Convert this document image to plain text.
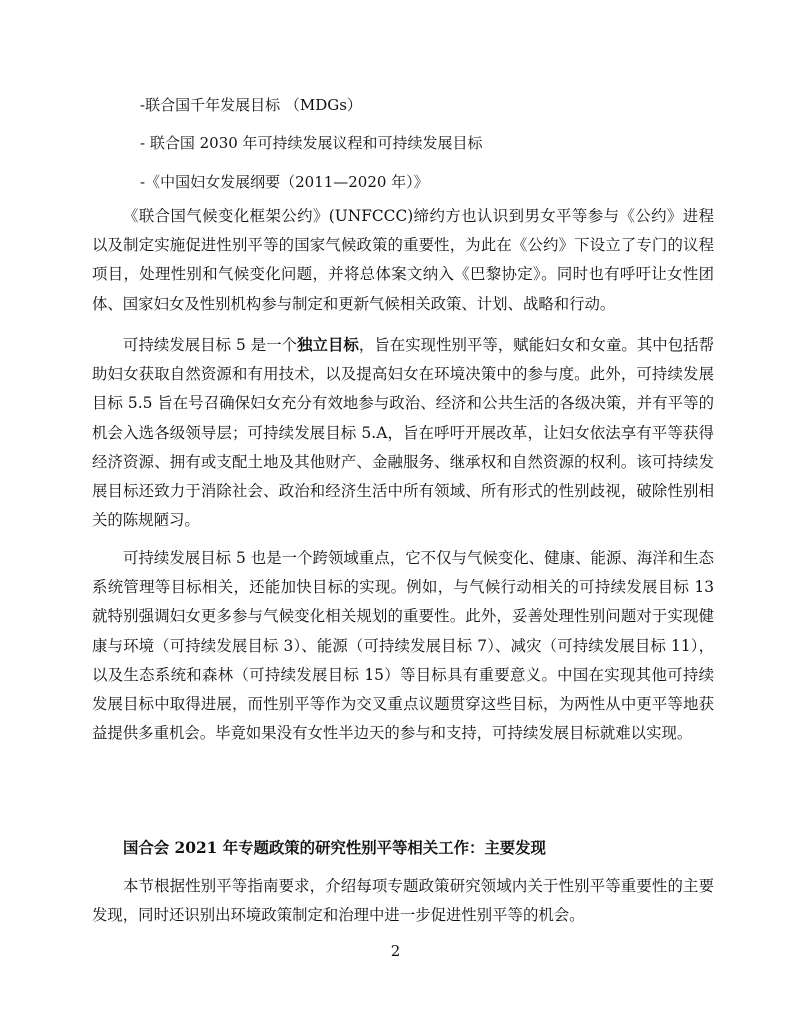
-联合国千年发展目标 （MDGs）
- 联合国 2030 年可持续发展议程和可持续发展目标
-《中国妇女发展纲要（2011—2020 年）》

《联合国气候变化框架公约》(UNFCCC)缔约方也认识到男女平等参与《公约》进程以及制定实施促进性别平等的国家气候政策的重要性，为此在《公约》下设立了专门的议程项目，处理性别和气候变化问题，并将总体案文纳入《巴黎协定》。同时也有呼吁让女性团体、国家妇女及性别机构参与制定和更新气候相关政策、计划、战略和行动。

可持续发展目标 5 是一个独立目标，旨在实现性别平等，赋能妇女和女童。其中包括帮助妇女获取自然资源和有用技术，以及提高妇女在环境决策中的参与度。此外，可持续发展目标 5.5 旨在号召确保妇女充分有效地参与政治、经济和公共生活的各级决策，并有平等的机会入选各级领导层；可持续发展目标 5.A，旨在呼吁开展改革，让妇女依法享有平等获得经济资源、拥有或支配土地及其他财产、金融服务、继承权和自然资源的权利。该可持续发展目标还致力于消除社会、政治和经济生活中所有领域、所有形式的性别歧视，破除性别相关的陈规陋习。

可持续发展目标 5 也是一个跨领域重点，它不仅与气候变化、健康、能源、海洋和生态系统管理等目标相关，还能加快目标的实现。例如，与气候行动相关的可持续发展目标 13 就特别强调妇女更多参与气候变化相关规划的重要性。此外，妥善处理性别问题对于实现健康与环境（可持续发展目标 3）、能源（可持续发展目标 7）、减灾（可持续发展目标 11），以及生态系统和森林（可持续发展目标 15）等目标具有重要意义。中国在实现其他可持续发展目标中取得进展，而性别平等作为交叉重点议题贯穿这些目标，为两性从中更平等地获益提供多重机会。毕竟如果没有女性半边天的参与和支持，可持续发展目标就难以实现。

国合会 2021 年专题政策的研究性别平等相关工作：主要发现

本节根据性别平等指南要求，介绍每项专题政策研究领域内关于性别平等重要性的主要发现，同时还识别出环境政策制定和治理中进一步促进性别平等的机会。

2
